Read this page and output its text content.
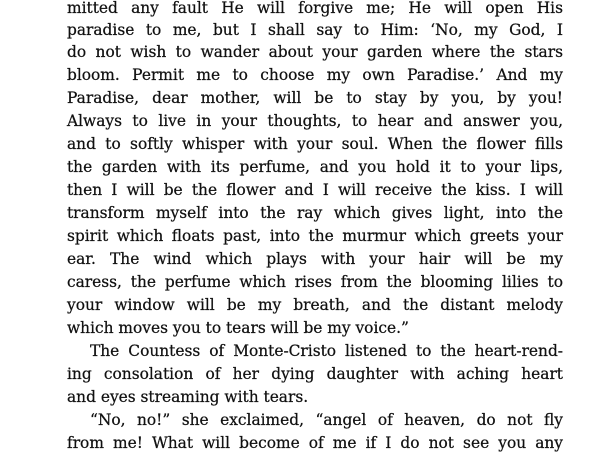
mitted any fault He will forgive me; He will open His
paradise to me, but I shall say to Him: ‘No, my God, I
do not wish to wander about your garden where the stars
bloom. Permit me to choose my own Paradise.’ And my
Paradise, dear mother, will be to stay by you, by you!
Always to live in your thoughts, to hear and answer you,
and to softly whisper with your soul. When the flower fills
the garden with its perfume, and you hold it to your lips,
then I will be the flower and I will receive the kiss. I will
transform myself into the ray which gives light, into the
spirit which floats past, into the murmur which greets your
ear. The wind which plays with your hair will be my
caress, the perfume which rises from the blooming lilies to
your window will be my breath, and the distant melody
which moves you to tears will be my voice.”
The Countess of Monte-Cristo listened to the heart-rend-
ing consolation of her dying daughter with aching heart
and eyes streaming with tears.
“No, no!” she exclaimed, “angel of heaven, do not fly
from me! What will become of me if I do not see you any
